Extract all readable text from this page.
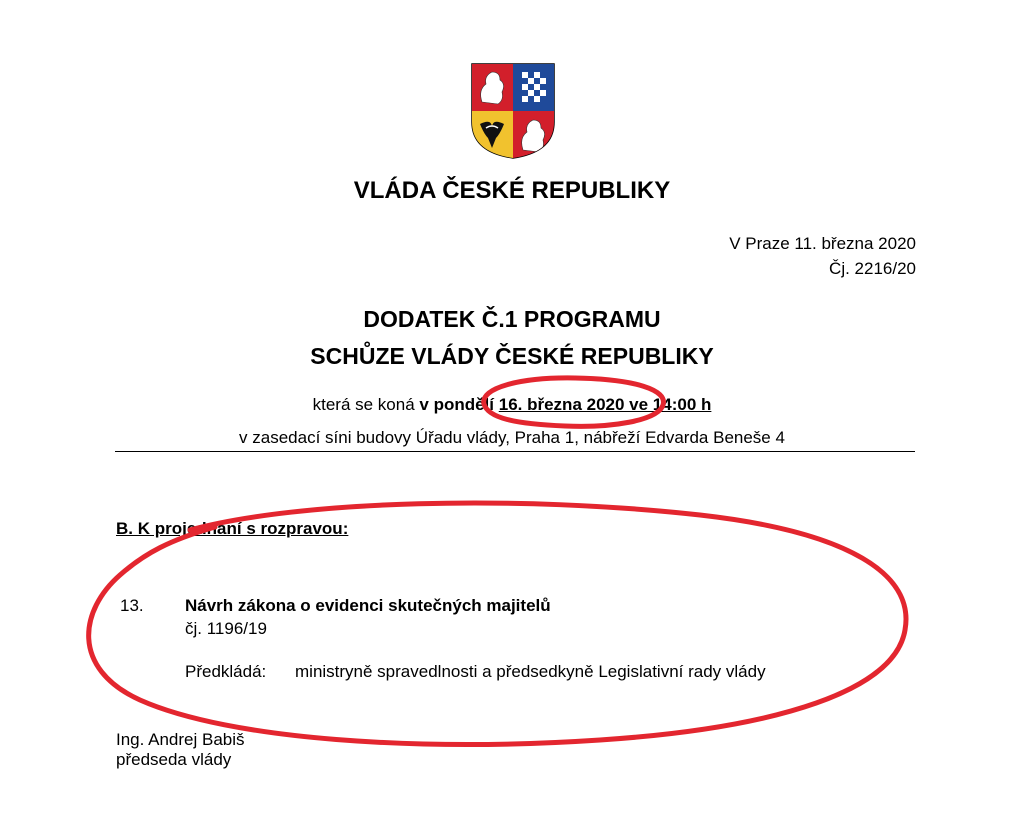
VLÁDA ČESKÉ REPUBLIKY
V Praze 11. března 2020
Čj. 2216/20
DODATEK Č.1 PROGRAMU
SCHŮZE VLÁDY ČESKÉ REPUBLIKY
která se koná v pondělí 16. března 2020 ve 14:00 h
v zasedací síni budovy Úřadu vlády, Praha 1, nábřeží Edvarda Beneše 4
B. K projednání s rozpravou:
13. Návrh zákona o evidenci skutečných majitelů
čj. 1196/19
Předkládá: ministryně spravedlnosti a předsedkyně Legislativní rady vlády
Ing. Andrej Babiš
předseda vlády
